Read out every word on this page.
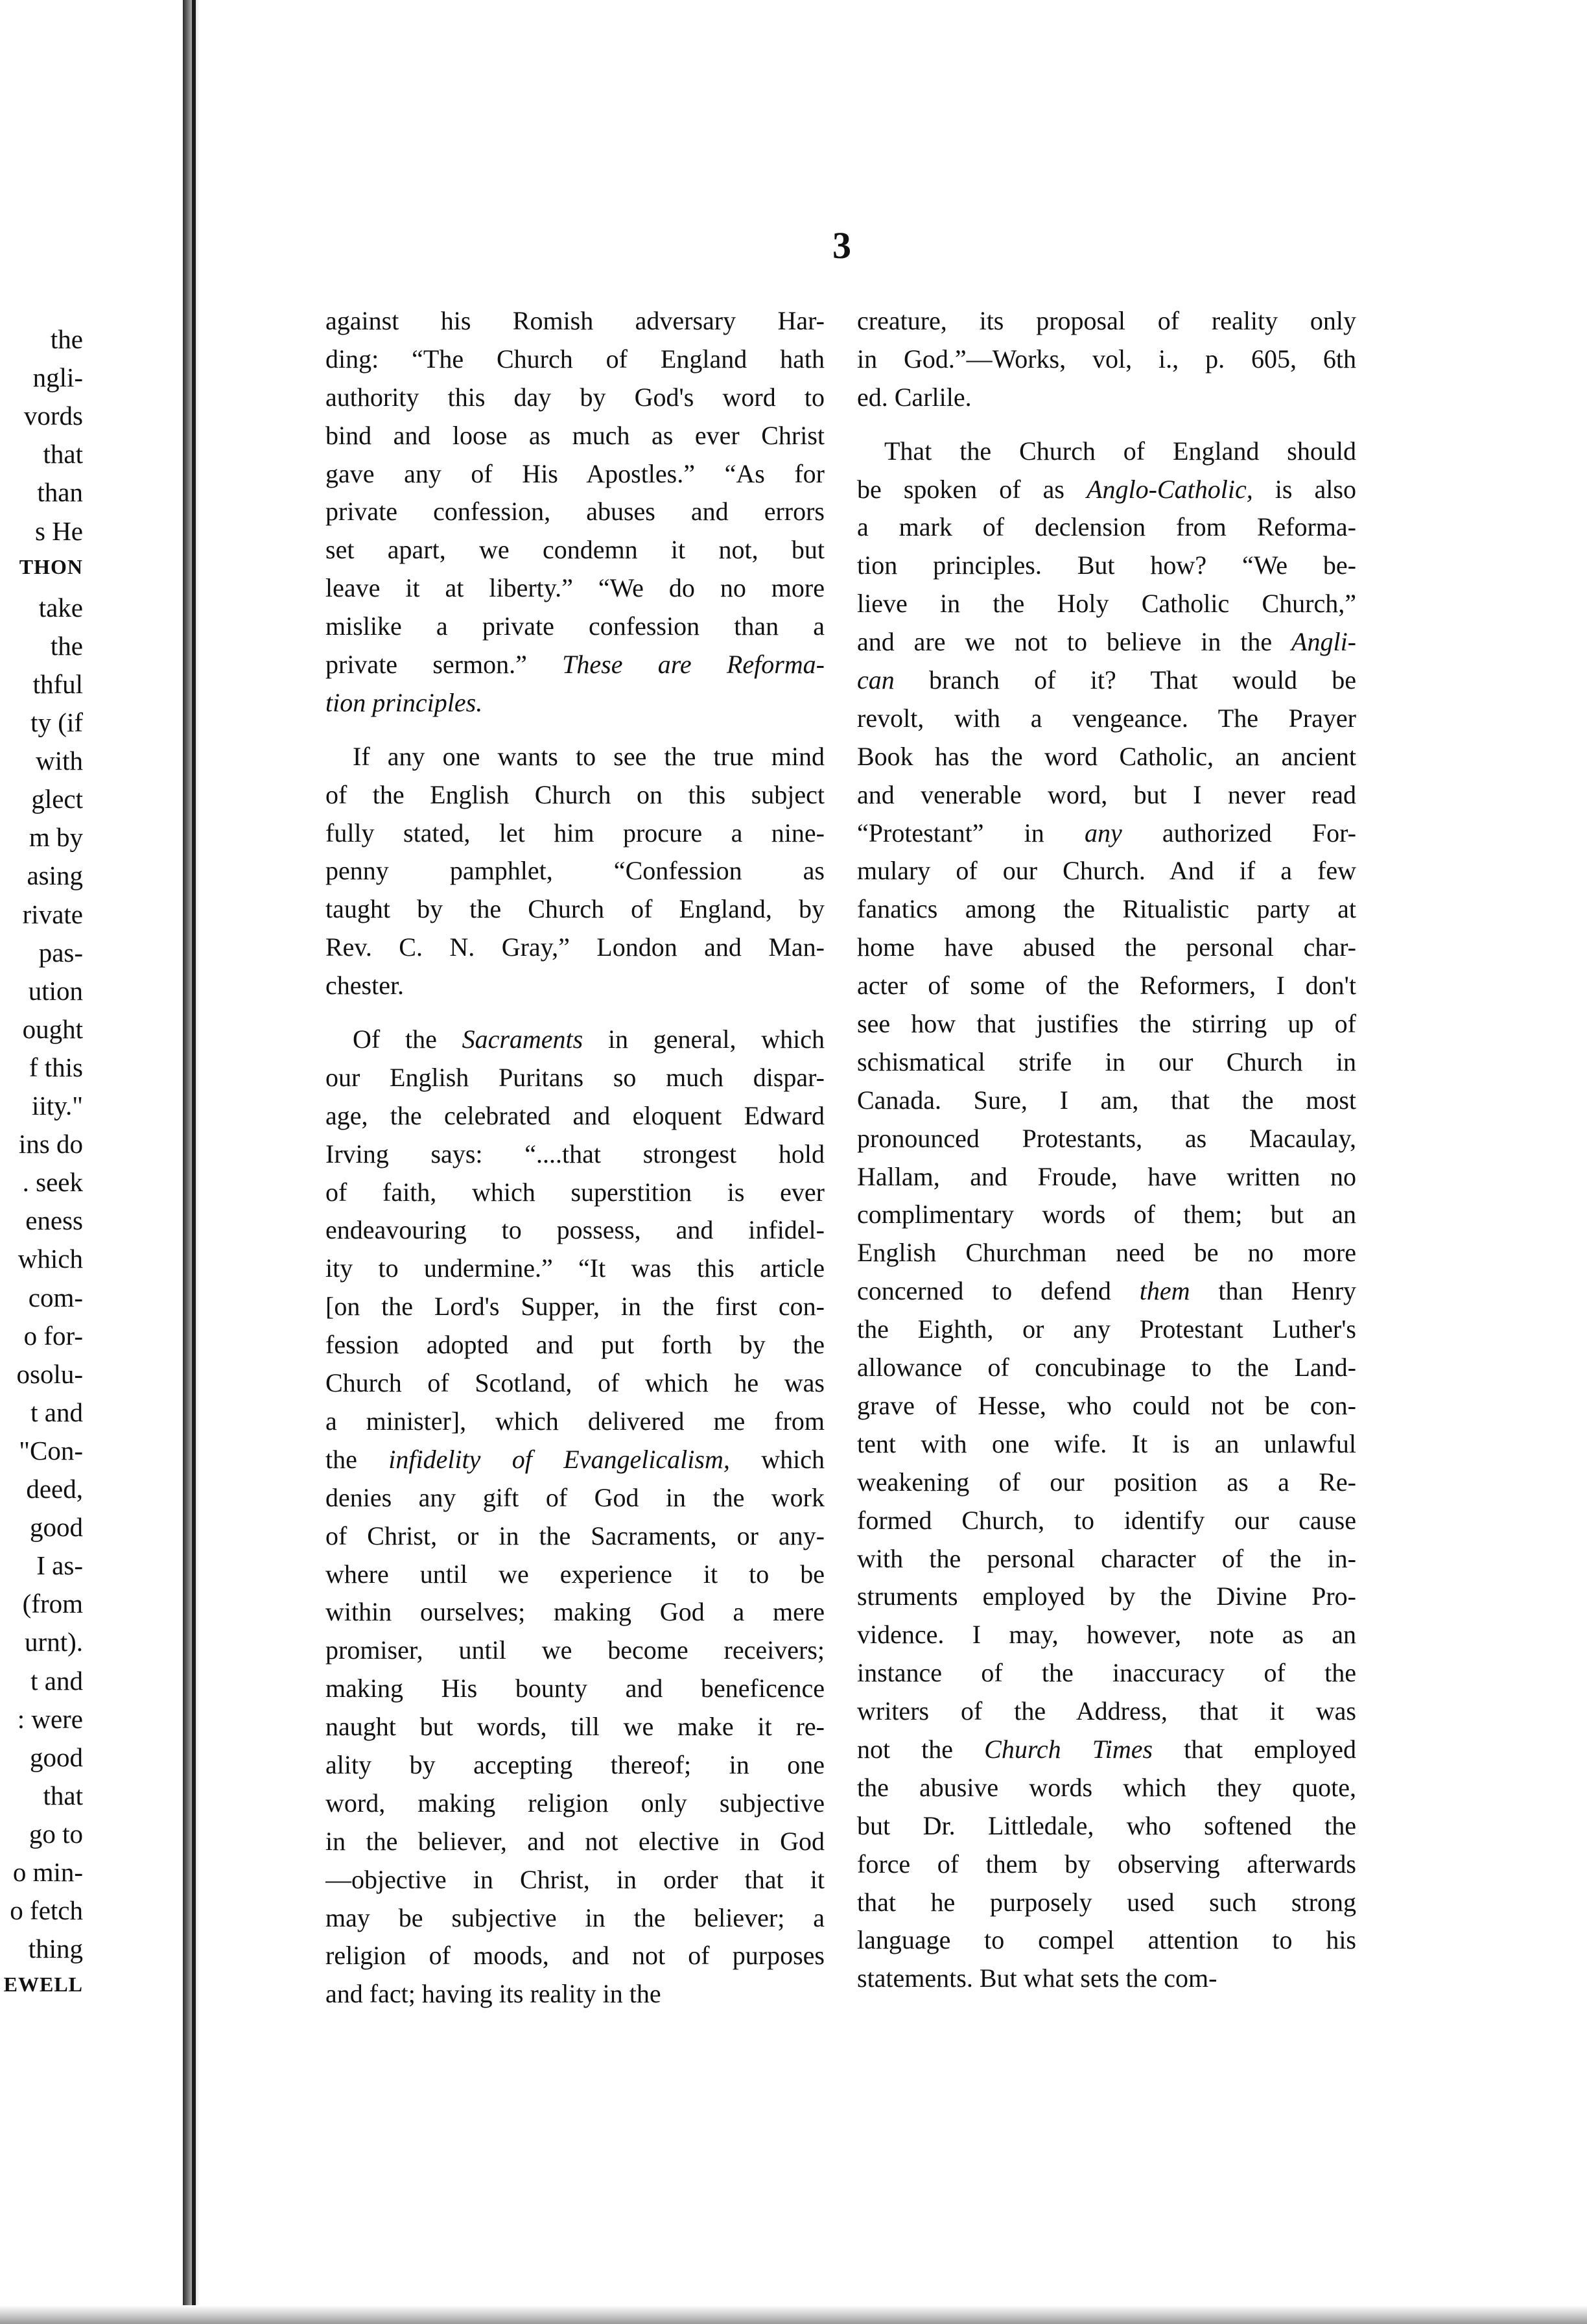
3
the
ngli-
vords
that
than
s He
THON
take
the
thful
ty (if
with
glect
m by
asing
rivate
pas-
ution
ought
f this
iity."
ins do
. seek
eness
which
com-
o for-
osolu-
t and
"Con-
deed,
good
I as-
(from
urnt).
t and
: were
good
that
go to
o min-
o fetch
thing
EWELL
against his Romish adversary Har-
ding: “The Church of England hath
authority this day by God's word to
bind and loose as much as ever Christ
gave any of His Apostles.” “As for
private confession, abuses and errors
set apart, we condemn it not, but
leave it at liberty.” “We do no more
mislike a private confession than a
private sermon.” These are Reforma-
tion principles.
If any one wants to see the true mind
of the English Church on this subject
fully stated, let him procure a nine-
penny pamphlet, “Confession as
taught by the Church of England, by
Rev. C. N. Gray,” London and Man-
chester.
Of the Sacraments in general, which
our English Puritans so much dispar-
age, the celebrated and eloquent Edward
Irving says: “....that strongest hold
of faith, which superstition is ever
endeavouring to possess, and infidel-
ity to undermine.” “It was this article
[on the Lord's Supper, in the first con-
fession adopted and put forth by the
Church of Scotland, of which he was
a minister], which delivered me from
the infidelity of Evangelicalism, which
denies any gift of God in the work
of Christ, or in the Sacraments, or any-
where until we experience it to be
within ourselves; making God a mere
promiser, until we become receivers;
making His bounty and beneficence
naught but words, till we make it re-
ality by accepting thereof; in one
word, making religion only subjective
in the believer, and not elective in God
—objective in Christ, in order that it
may be subjective in the believer; a
religion of moods, and not of purposes
and fact; having its reality in the
creature, its proposal of reality only
in God.”—Works, vol, i., p. 605, 6th
ed. Carlile.
That the Church of England should
be spoken of as Anglo-Catholic, is also
a mark of declension from Reforma-
tion principles. But how? “We be-
lieve in the Holy Catholic Church,”
and are we not to believe in the Angli-
can branch of it? That would be
revolt, with a vengeance. The Prayer
Book has the word Catholic, an ancient
and venerable word, but I never read
“Protestant” in any authorized For-
mulary of our Church. And if a few
fanatics among the Ritualistic party at
home have abused the personal char-
acter of some of the Reformers, I don't
see how that justifies the stirring up of
schismatical strife in our Church in
Canada. Sure, I am, that the most
pronounced Protestants, as Macaulay,
Hallam, and Froude, have written no
complimentary words of them; but an
English Churchman need be no more
concerned to defend them than Henry
the Eighth, or any Protestant Luther's
allowance of concubinage to the Land-
grave of Hesse, who could not be con-
tent with one wife. It is an unlawful
weakening of our position as a Re-
formed Church, to identify our cause
with the personal character of the in-
struments employed by the Divine Pro-
vidence. I may, however, note as an
instance of the inaccuracy of the
writers of the Address, that it was
not the Church Times that employed
the abusive words which they quote,
but Dr. Littledale, who softened the
force of them by observing afterwards
that he purposely used such strong
language to compel attention to his
statements. But what sets the com-
